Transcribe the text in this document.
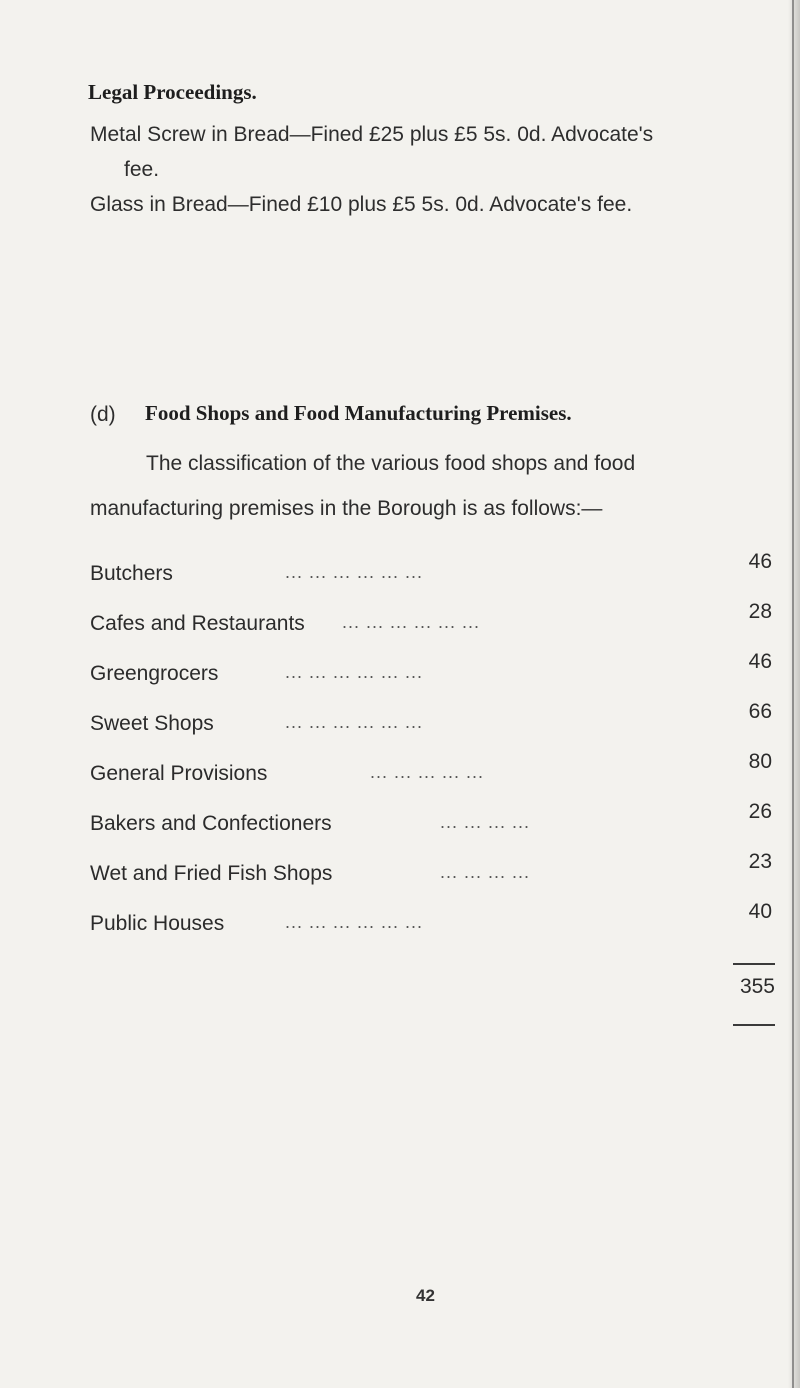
Legal Proceedings.
Metal Screw in Bread—Fined £25 plus £5 5s. 0d. Advocate's
fee.
Glass in Bread—Fined £10 plus £5 5s. 0d. Advocate's fee.
(d) Food Shops and Food Manufacturing Premises.
The classification of the various food shops and food
manufacturing premises in the Borough is as follows:—
Butchers	... ... ... ... ... ...	46
Cafes and Restaurants	... ... ... ... ... ...	28
Greengrocers	... ... ... ... ... ...	46
Sweet Shops	... ... ... ... ... ...	66
General Provisions	... ... ... ... ...	80
Bakers and Confectioners	... ... ... ...	26
Wet and Fried Fish Shops	... ... ... ...	23
Public Houses	... ... ... ... ... ...	40
355
42
